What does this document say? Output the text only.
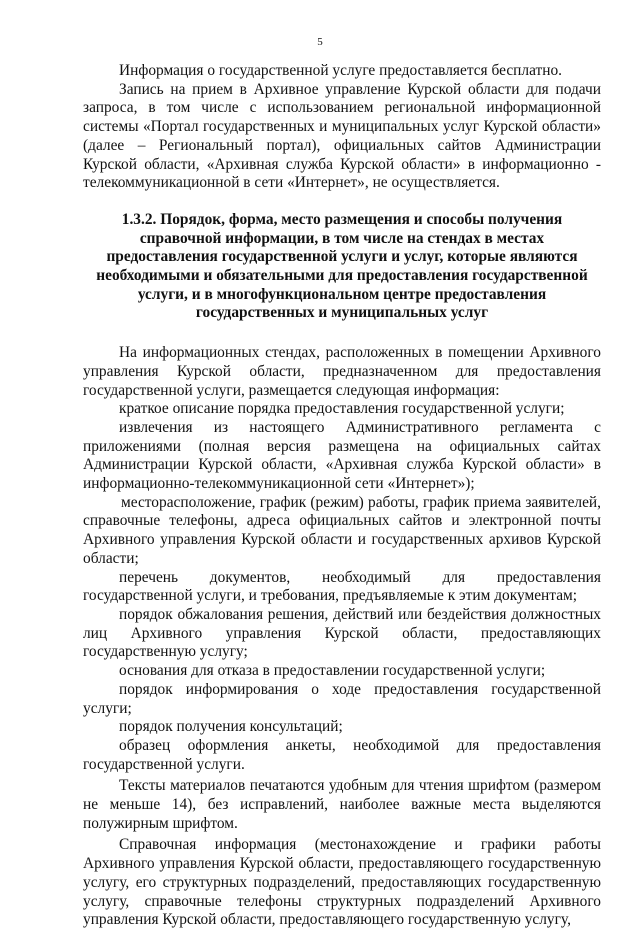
5

Информация о государственной услуге предоставляется бесплатно.

Запись на прием в Архивное управление Курской области для подачи запроса, в том числе с использованием региональной информационной системы «Портал государственных и муниципальных услуг Курской области» (далее – Региональный портал), официальных сайтов Администрации Курской области, «Архивная служба Курской области» в информационно - телекоммуникационной в сети «Интернет», не осуществляется.

1.3.2. Порядок, форма, место размещения и способы получения справочной информации, в том числе на стендах в местах предоставления государственной услуги и услуг, которые являются необходимыми и обязательными для предоставления государственной услуги, и в многофункциональном центре предоставления государственных и муниципальных услуг

На информационных стендах, расположенных в помещении Архивного управления Курской области, предназначенном для предоставления государственной услуги, размещается следующая информация:

краткое описание порядка предоставления государственной услуги;

извлечения из настоящего Административного регламента с приложениями (полная версия размещена на официальных сайтах Администрации Курской области, «Архивная служба Курской области» в информационно-телекоммуникационной сети «Интернет»);

месторасположение, график (режим) работы, график приема заявителей, справочные телефоны, адреса официальных сайтов и электронной почты Архивного управления Курской области и государственных архивов Курской области;

перечень документов, необходимый для предоставления государственной услуги, и требования, предъявляемые к этим документам;

порядок обжалования решения, действий или бездействия должностных лиц Архивного управления Курской области, предоставляющих государственную услугу;

основания для отказа в предоставлении государственной услуги;

порядок информирования о ходе предоставления государственной услуги;

порядок получения консультаций;

образец оформления анкеты, необходимой для предоставления государственной услуги.

Тексты материалов печатаются удобным для чтения шрифтом (размером не меньше 14), без исправлений, наиболее важные места выделяются полужирным шрифтом.

Справочная информация (местонахождение и графики работы Архивного управления Курской области, предоставляющего государственную услугу, его структурных подразделений, предоставляющих государственную услугу, справочные телефоны структурных подразделений Архивного управления Курской области, предоставляющего государственную услугу,
